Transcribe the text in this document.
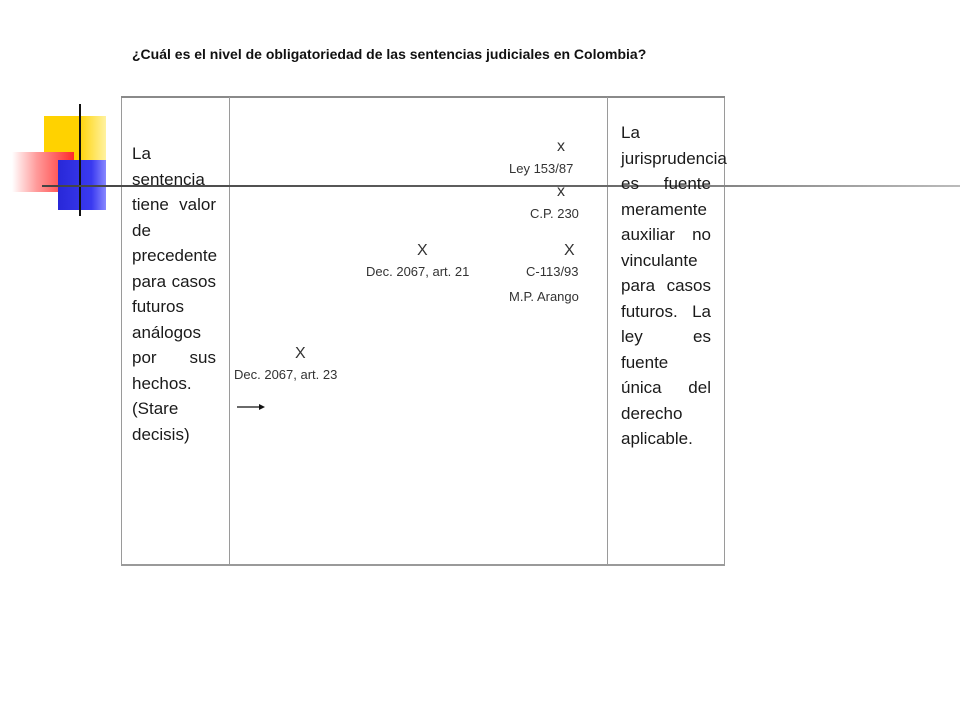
¿Cuál es el nivel de obligatoriedad de las sentencias judiciales en Colombia?
La sentencia tiene valor de precedente para casos futuros análogos por sus hechos. (Stare decisis)
La jurisprudencia es fuente meramente auxiliar no vinculante para casos futuros. La ley es fuente única del derecho aplicable.
x
Ley 153/87
x
C.P. 230
X
Dec. 2067, art. 21
X
C-113/93
M.P. Arango
X
Dec. 2067, art. 23
